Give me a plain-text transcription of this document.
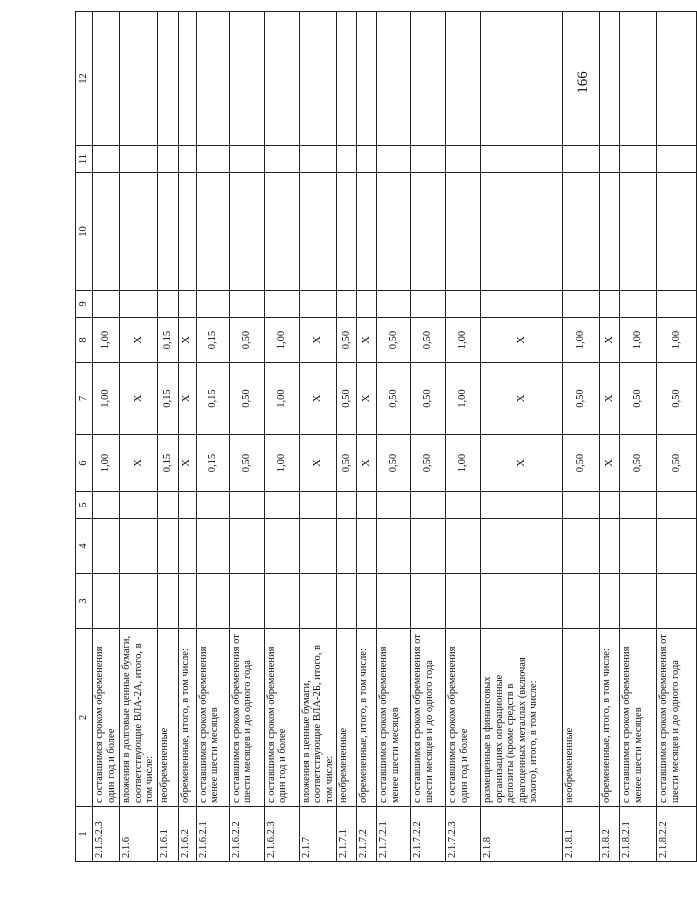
166
1	2	3	4	5	6	7	8	9	10	11	12
2.1.5.2.3	с оставшимся сроком обременения один год и более				1,00	1,00	1,00				
2.1.6	вложения в долговые ценные бумаги, соответствующие ВЛА-2А, итого, в том числе:				X	X	X				
2.1.6.1	необремененные				0,15	0,15	0,15				
2.1.6.2	обремененные, итого, в том числе:				X	X	X				
2.1.6.2.1	с оставшимся сроком обременения менее шести месяцев				0,15	0,15	0,15				
2.1.6.2.2	с оставшимся сроком обременения от шести месяцев и до одного года				0,50	0,50	0,50				
2.1.6.2.3	с оставшимся сроком обременения один год и более				1,00	1,00	1,00				
2.1.7	вложения в ценные бумаги, соответствующие ВЛА-2Б, итого, в том числе:				X	X	X				
2.1.7.1	необремененные				0,50	0,50	0,50				
2.1.7.2	обремененные, итого, в том числе:				X	X	X				
2.1.7.2.1	с оставшимся сроком обременения менее шести месяцев				0,50	0,50	0,50				
2.1.7.2.2	с оставшимся сроком обременения от шести месяцев и до одного года				0,50	0,50	0,50				
2.1.7.2.3	с оставшимся сроком обременения один год и более				1,00	1,00	1,00				
2.1.8	размещенные в финансовых организациях операционные депозиты (кроме средств в драгоценных металлах (включая золото), итого, в том числе:				X	X	X				
2.1.8.1	необремененные				0,50	0,50	1,00				
2.1.8.2	обремененные, итого, в том числе:				X	X	X				
2.1.8.2.1	с оставшимся сроком обременения менее шести месяцев				0,50	0,50	1,00				
2.1.8.2.2	с оставшимся сроком обременения от шести месяцев и до одного года				0,50	0,50	1,00				
